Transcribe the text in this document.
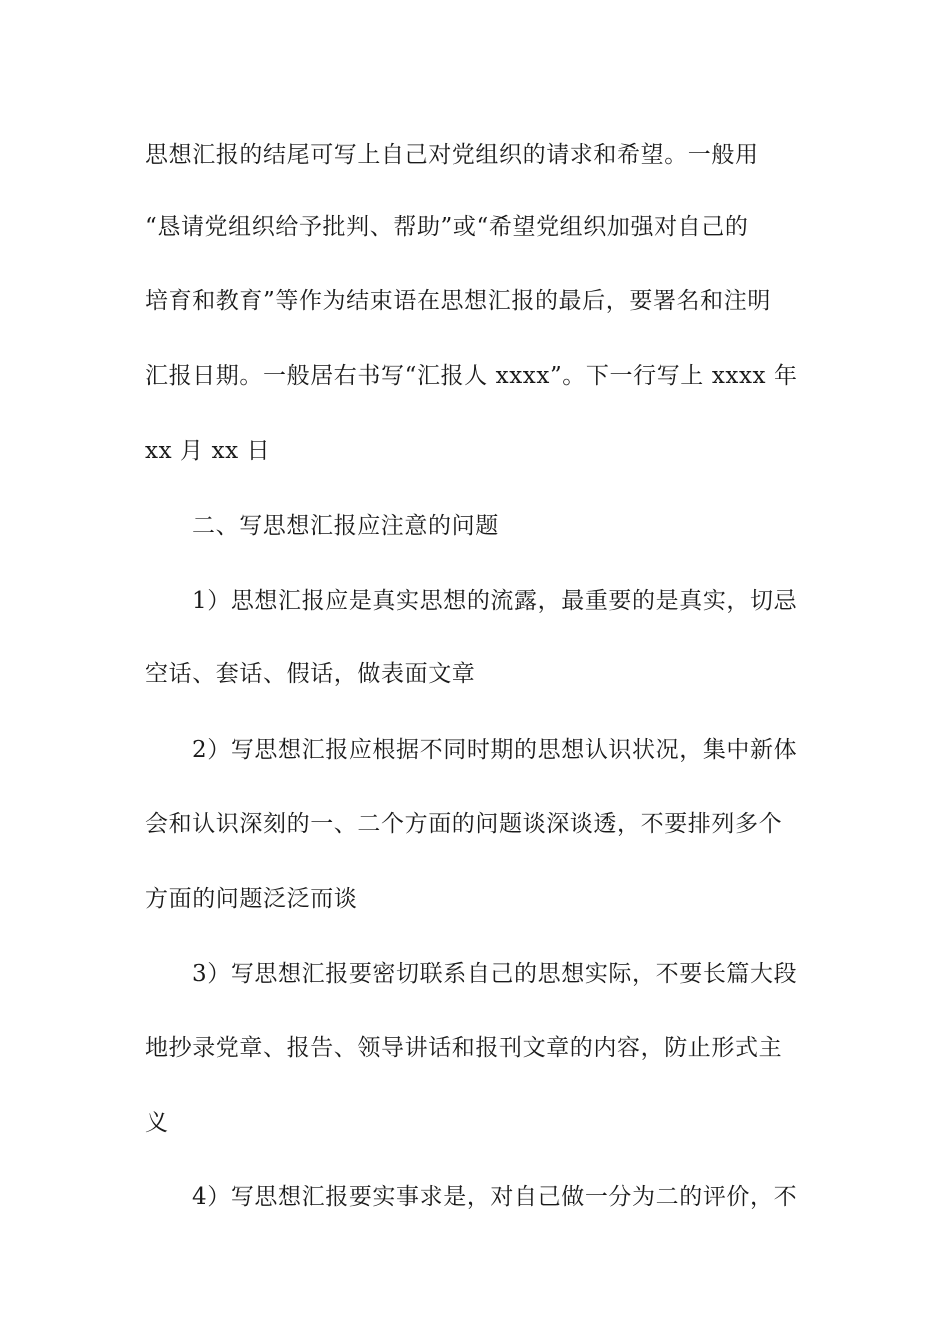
思想汇报的结尾可写上自己对党组织的请求和希望。一般用
“恳请党组织给予批判、帮助”或“希望党组织加强对自己的
培育和教育”等作为结束语在思想汇报的最后，要署名和注明
汇报日期。一般居右书写“汇报人 xxxx”。下一行写上 xxxx 年
xx 月 xx 日
二、写思想汇报应注意的问题
1）思想汇报应是真实思想的流露，最重要的是真实，切忌
空话、套话、假话，做表面文章
2）写思想汇报应根据不同时期的思想认识状况，集中新体
会和认识深刻的一、二个方面的问题谈深谈透，不要排列多个
方面的问题泛泛而谈
3）写思想汇报要密切联系自己的思想实际，不要长篇大段
地抄录党章、报告、领导讲话和报刊文章的内容，防止形式主
义
4）写思想汇报要实事求是，对自己做一分为二的评价，不
